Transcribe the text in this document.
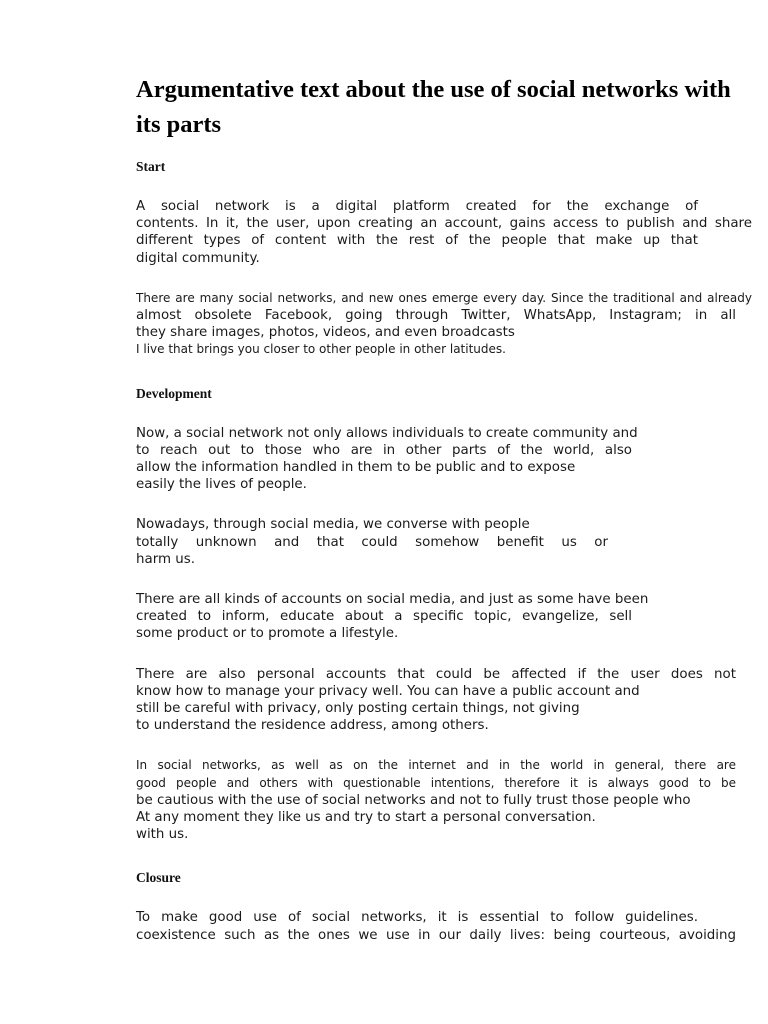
Argumentative text about the use of social networks with its parts
Start
A social network is a digital platform created for the exchange of
contents. In it, the user, upon creating an account, gains access to publish and share
different types of content with the rest of the people that make up that
digital community.
There are many social networks, and new ones emerge every day. Since the traditional and already
almost obsolete Facebook, going through Twitter, WhatsApp, Instagram; in all
they share images, photos, videos, and even broadcasts
I live that brings you closer to other people in other latitudes.
Development
Now, a social network not only allows individuals to create community and
to reach out to those who are in other parts of the world, also
allow the information handled in them to be public and to expose
easily the lives of people.
Nowadays, through social media, we converse with people
totally unknown and that could somehow benefit us or
harm us.
There are all kinds of accounts on social media, and just as some have been
created to inform, educate about a specific topic, evangelize, sell
some product or to promote a lifestyle.
There are also personal accounts that could be affected if the user does not
know how to manage your privacy well. You can have a public account and
still be careful with privacy, only posting certain things, not giving
to understand the residence address, among others.
In social networks, as well as on the internet and in the world in general, there are
good people and others with questionable intentions, therefore it is always good to be
be cautious with the use of social networks and not to fully trust those people who
At any moment they like us and try to start a personal conversation.
with us.
Closure
To make good use of social networks, it is essential to follow guidelines.
coexistence such as the ones we use in our daily lives: being courteous, avoiding
